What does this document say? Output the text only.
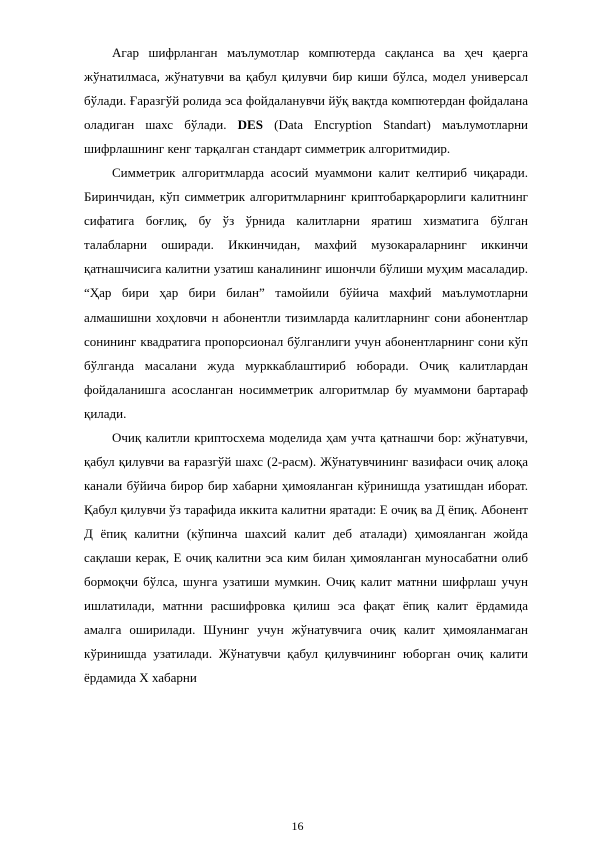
Агар шифрланган маълумотлар компютерда сақланса ва ҳеч қаерга жўнатилмаса, жўнатувчи ва қабул қилувчи бир киши бўлса, модел универсал бўлади. Ғаразгўй ролида эса фойдаланувчи йўқ вақтда компютердан фойдалана оладиган шахс бўлади. DES (Data Encryption Standart) маълумотларни шифрлашнинг кенг тарқалган стандарт симметрик алгоритмидир.

Симметрик алгоритмларда асосий муаммони калит келтириб чиқаради. Биринчидан, кўп симметрик алгоритмларнинг криптобарқарорлиги калитнинг сифатига боғлиқ, бу ўз ўрнида калитларни яратиш хизматига бўлган талабларни оширади. Иккинчидан, махфий музокараларнинг иккинчи қатнашчисига калитни узатиш каналининг ишончли бўлиши муҳим масаладир. “Ҳар бири ҳар бири билан” тамойили бўйича махфий маълумотларни алмашишни хоҳловчи н абонентли тизимларда калитларнинг сони абонентлар сонининг квадратига пропорсионал бўлганлиги учун абонентларнинг сони кўп бўлганда масалани жуда мурккаблаштириб юборади. Очиқ калитлардан фойдаланишга асосланган носимметрик алгоритмлар бу муаммони бартараф қилади.

Очиқ калитли криптосхема моделида ҳам учта қатнашчи бор: жўнатувчи, қабул қилувчи ва ғаразгўй шахс (2-расм). Жўнатувчининг вазифаси очиқ алоқа канали бўйича бирор бир хабарни ҳимояланган кўринишда узатишдан иборат. Қабул қилувчи ўз тарафида иккита калитни яратади: Е очиқ ва Д ёпиқ. Абонент Д ёпиқ калитни (кўпинча шахсий калит деб аталади) ҳимояланган жойда сақлаши керак, Е очиқ калитни эса ким билан ҳимояланган муносабатни олиб бормоқчи бўлса, шунга узатиши мумкин. Очиқ калит матнни шифрлаш учун ишлатилади, матнни расшифровка қилиш эса фақат ёпиқ калит ёрдамида амалга оширилади. Шунинг учун жўнатувчига очиқ калит ҳимояланмаган кўринишда узатилади. Жўнатувчи қабул қилувчининг юборган очиқ калити ёрдамида Х хабарни

16
